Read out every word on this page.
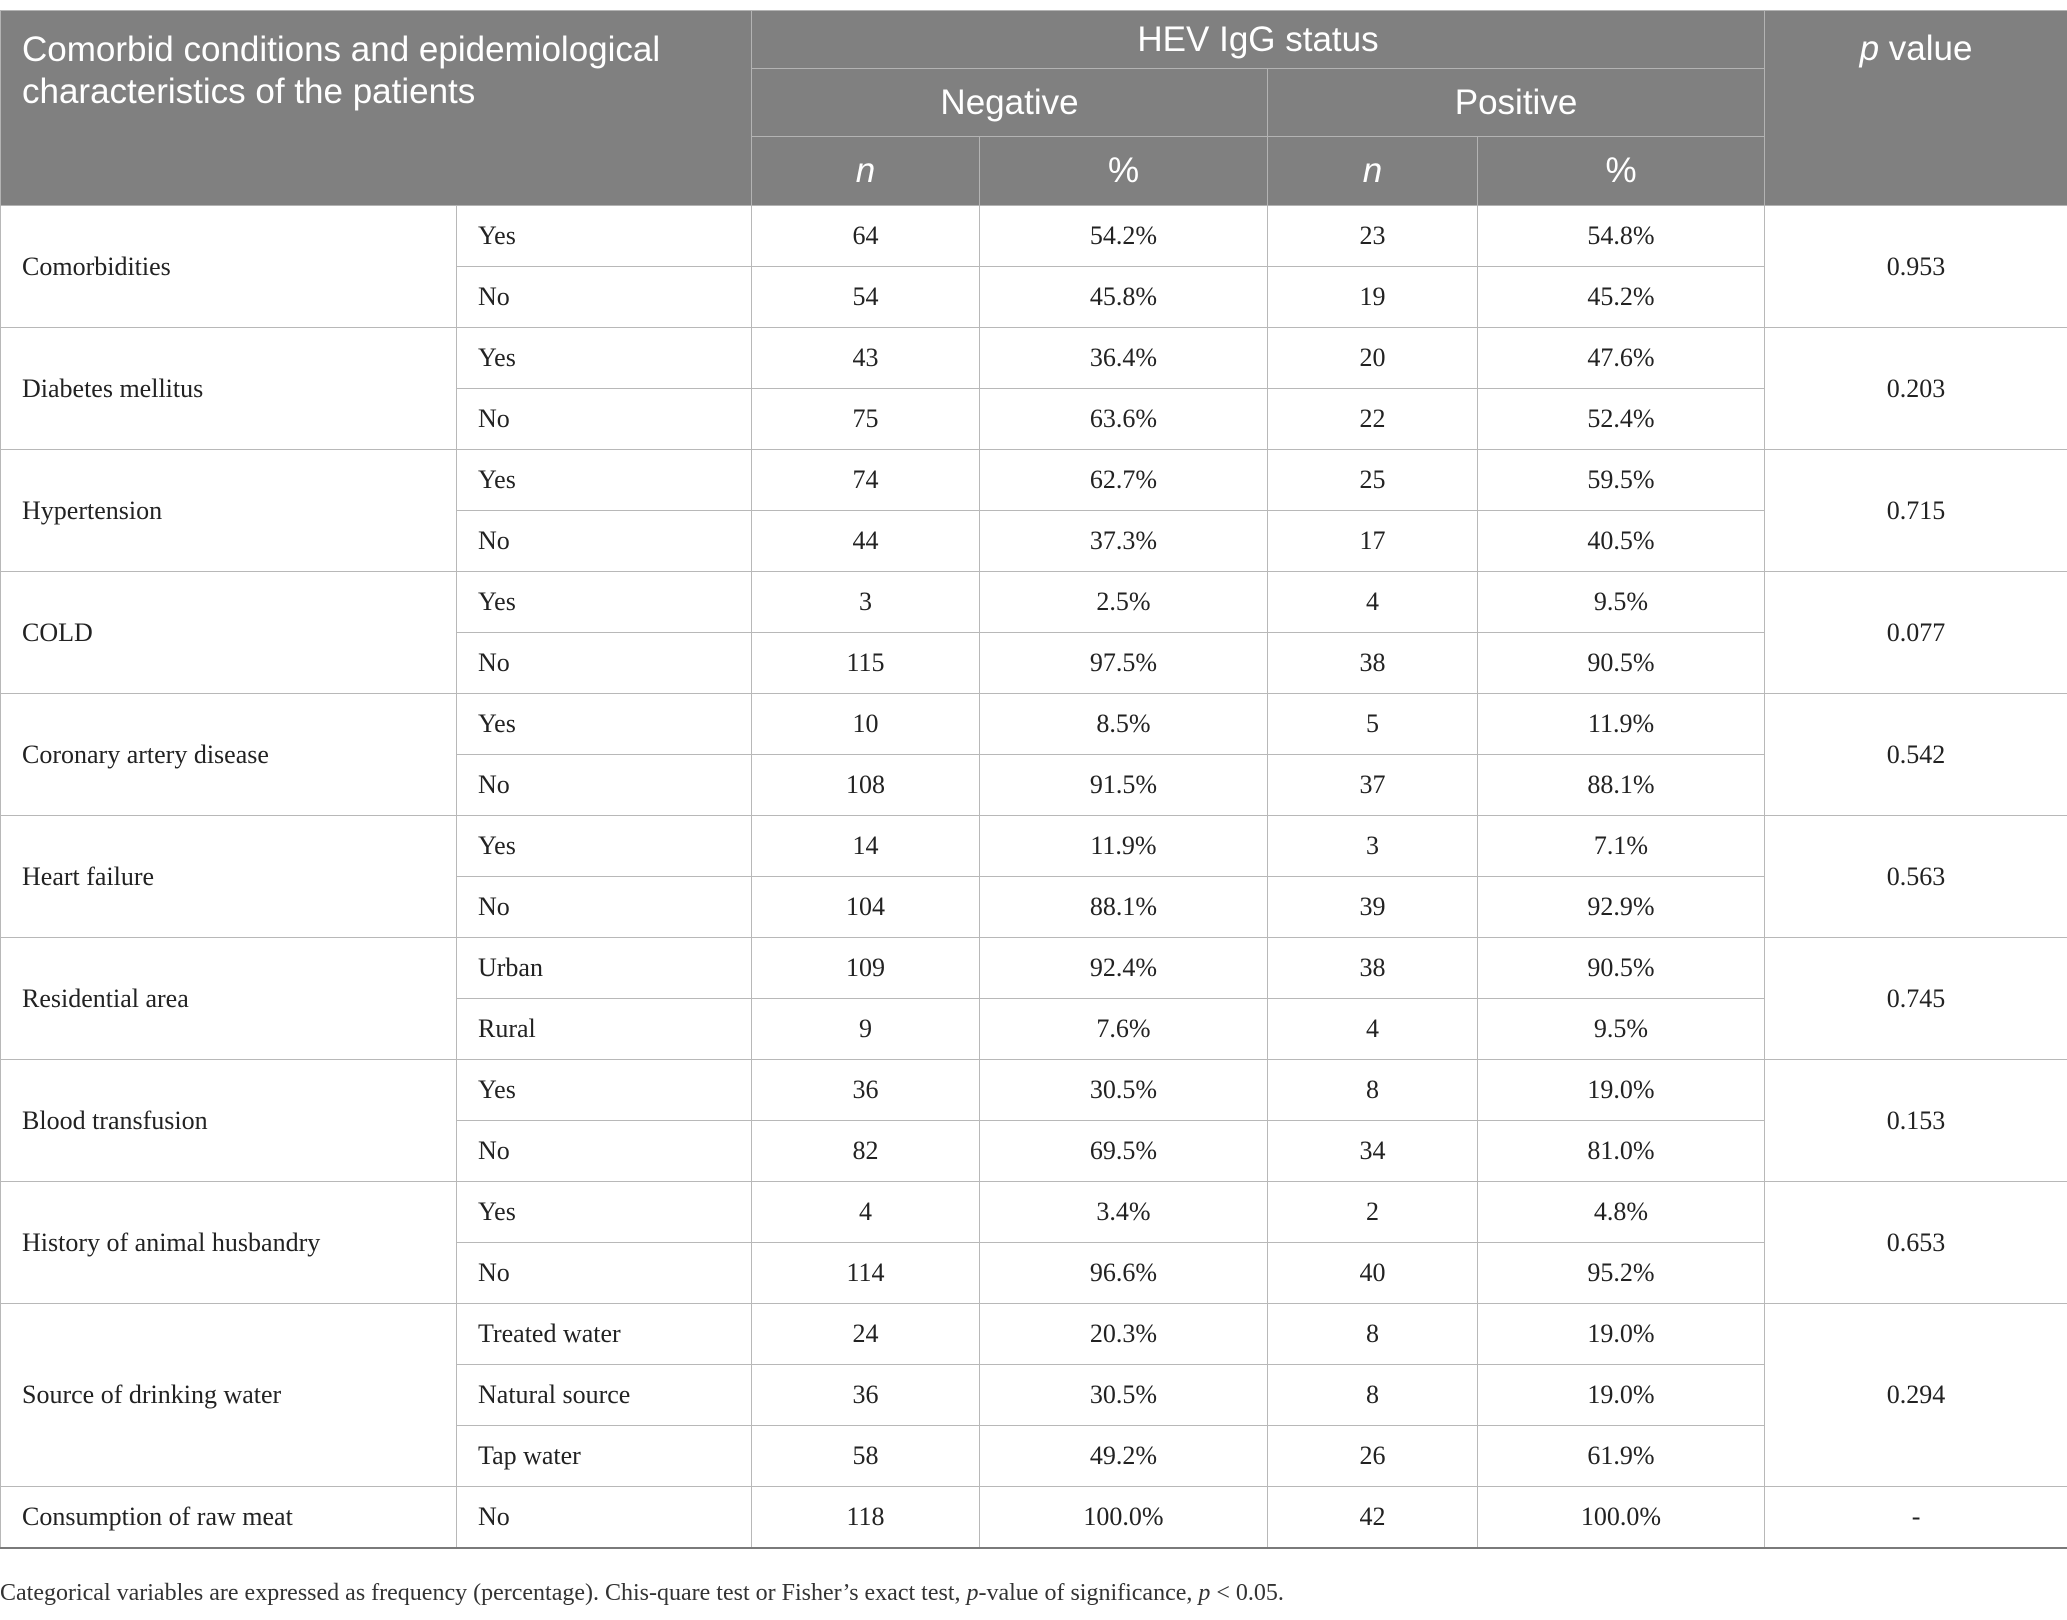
Comorbid conditions and epidemiological characteristics of the patients		HEV IgG status				p value
		Negative		Positive		
		n	%	n	%	
Comorbidities	Yes	64	54.2%	23	54.8%	0.953
	No	54	45.8%	19	45.2%	
Diabetes mellitus	Yes	43	36.4%	20	47.6%	0.203
	No	75	63.6%	22	52.4%	
Hypertension	Yes	74	62.7%	25	59.5%	0.715
	No	44	37.3%	17	40.5%	
COLD	Yes	3	2.5%	4	9.5%	0.077
	No	115	97.5%	38	90.5%	
Coronary artery disease	Yes	10	8.5%	5	11.9%	0.542
	No	108	91.5%	37	88.1%	
Heart failure	Yes	14	11.9%	3	7.1%	0.563
	No	104	88.1%	39	92.9%	
Residential area	Urban	109	92.4%	38	90.5%	0.745
	Rural	9	7.6%	4	9.5%	
Blood transfusion	Yes	36	30.5%	8	19.0%	0.153
	No	82	69.5%	34	81.0%	
History of animal husbandry	Yes	4	3.4%	2	4.8%	0.653
	No	114	96.6%	40	95.2%	
Source of drinking water	Treated water	24	20.3%	8	19.0%	0.294
	Natural source	36	30.5%	8	19.0%	
	Tap water	58	49.2%	26	61.9%	
Consumption of raw meat	No	118	100.0%	42	100.0%	-
Categorical variables are expressed as frequency (percentage). Chis-quare test or Fisher’s exact test, p-value of significance, p < 0.05.
